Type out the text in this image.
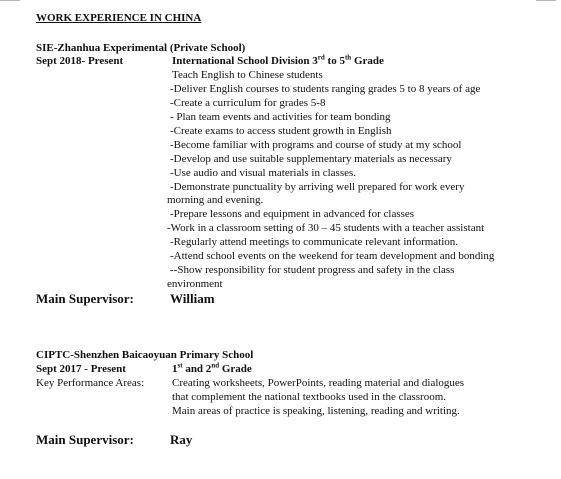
WORK EXPERIENCE IN CHINA
SIE-Zhanhua Experimental (Private School)
Sept 2018- Present	International School Division 3rd to 5th Grade
Teach English to Chinese students
-Deliver English courses to students ranging grades 5 to 8 years of age
-Create a curriculum for grades 5-8
- Plan team events and activities for team bonding
-Create exams to access student growth in English
-Become familiar with programs and course of study at my school
-Develop and use suitable supplementary materials as necessary
-Use audio and visual materials in classes.
-Demonstrate punctuality by arriving well prepared for work every
morning and evening.
-Prepare lessons and equipment in advanced for classes
-Work in a classroom setting of 30 – 45 students with a teacher assistant
-Regularly attend meetings to communicate relevant information.
-Attend school events on the weekend for team development and bonding
--Show responsibility for student progress and safety in the class
environment
Main Supervisor:	William
CIPTC-Shenzhen Baicaoyuan Primary School
Sept 2017 - Present	1st and 2nd Grade
Key Performance Areas:	Creating worksheets, PowerPoints, reading material and dialogues
that complement the national textbooks used in the classroom.
Main areas of practice is speaking, listening, reading and writing.
Main Supervisor:	Ray
